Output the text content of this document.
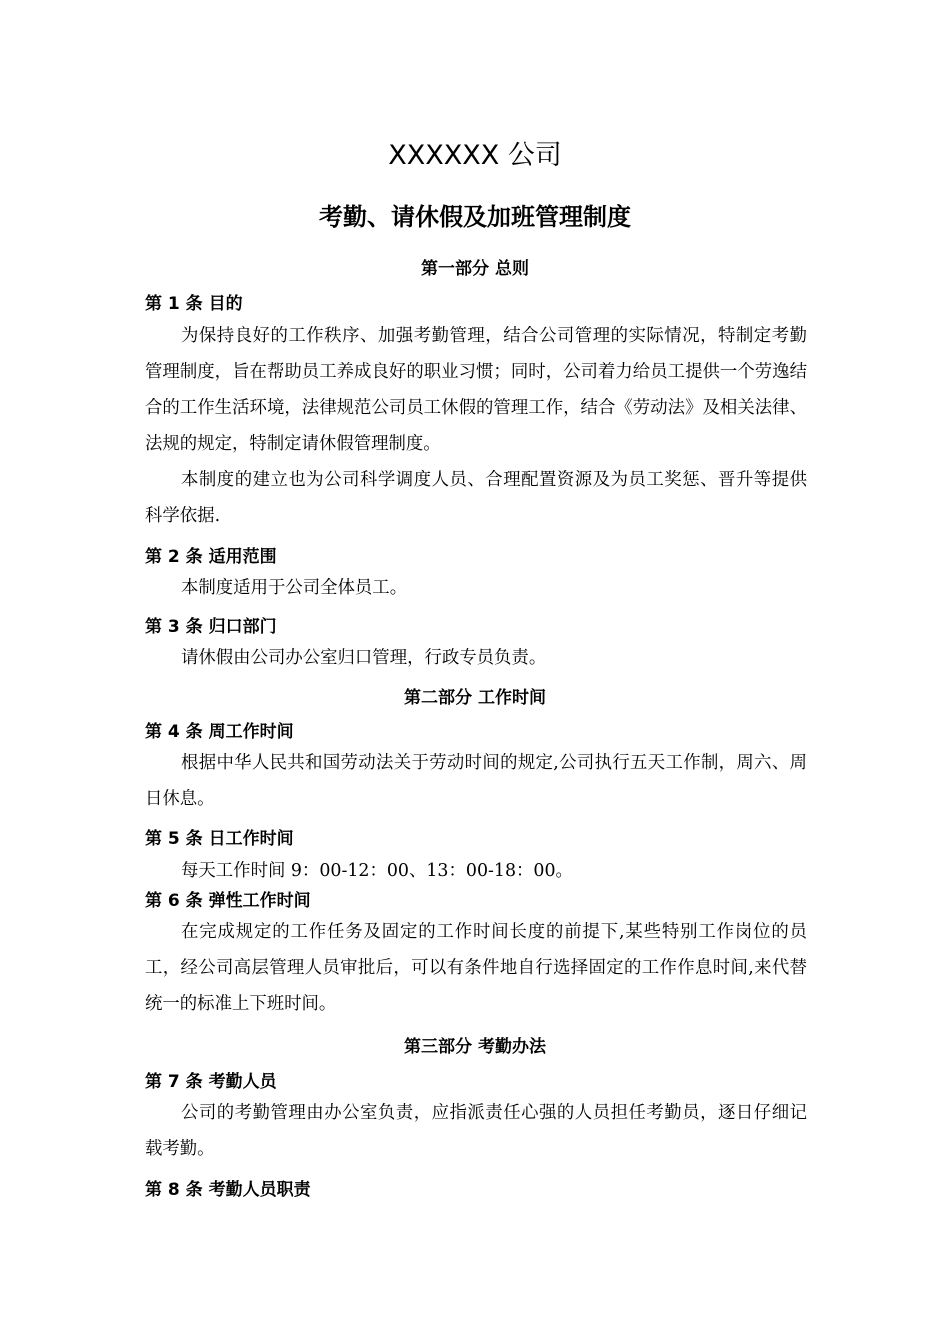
XXXXXX 公司
考勤、请休假及加班管理制度
第一部分 总则
第 1 条 目的
为保持良好的工作秩序、加强考勤管理，结合公司管理的实际情况，特制定考勤管理制度，旨在帮助员工养成良好的职业习惯；同时，公司着力给员工提供一个劳逸结合的工作生活环境，法律规范公司员工休假的管理工作，结合《劳动法》及相关法律、法规的规定，特制定请休假管理制度。
本制度的建立也为公司科学调度人员、合理配置资源及为员工奖惩、晋升等提供科学依据.
第 2 条 适用范围
本制度适用于公司全体员工。
第 3 条 归口部门
请休假由公司办公室归口管理，行政专员负责。
第二部分 工作时间
第 4 条 周工作时间
根据中华人民共和国劳动法关于劳动时间的规定,公司执行五天工作制，周六、周日休息。
第 5 条 日工作时间
每天工作时间 9：00-12：00、13：00-18：00。
第 6 条 弹性工作时间
在完成规定的工作任务及固定的工作时间长度的前提下,某些特别工作岗位的员工，经公司高层管理人员审批后，可以有条件地自行选择固定的工作作息时间,来代替统一的标准上下班时间。
第三部分 考勤办法
第 7 条 考勤人员
公司的考勤管理由办公室负责，应指派责任心强的人员担任考勤员，逐日仔细记载考勤。
第 8 条 考勤人员职责
